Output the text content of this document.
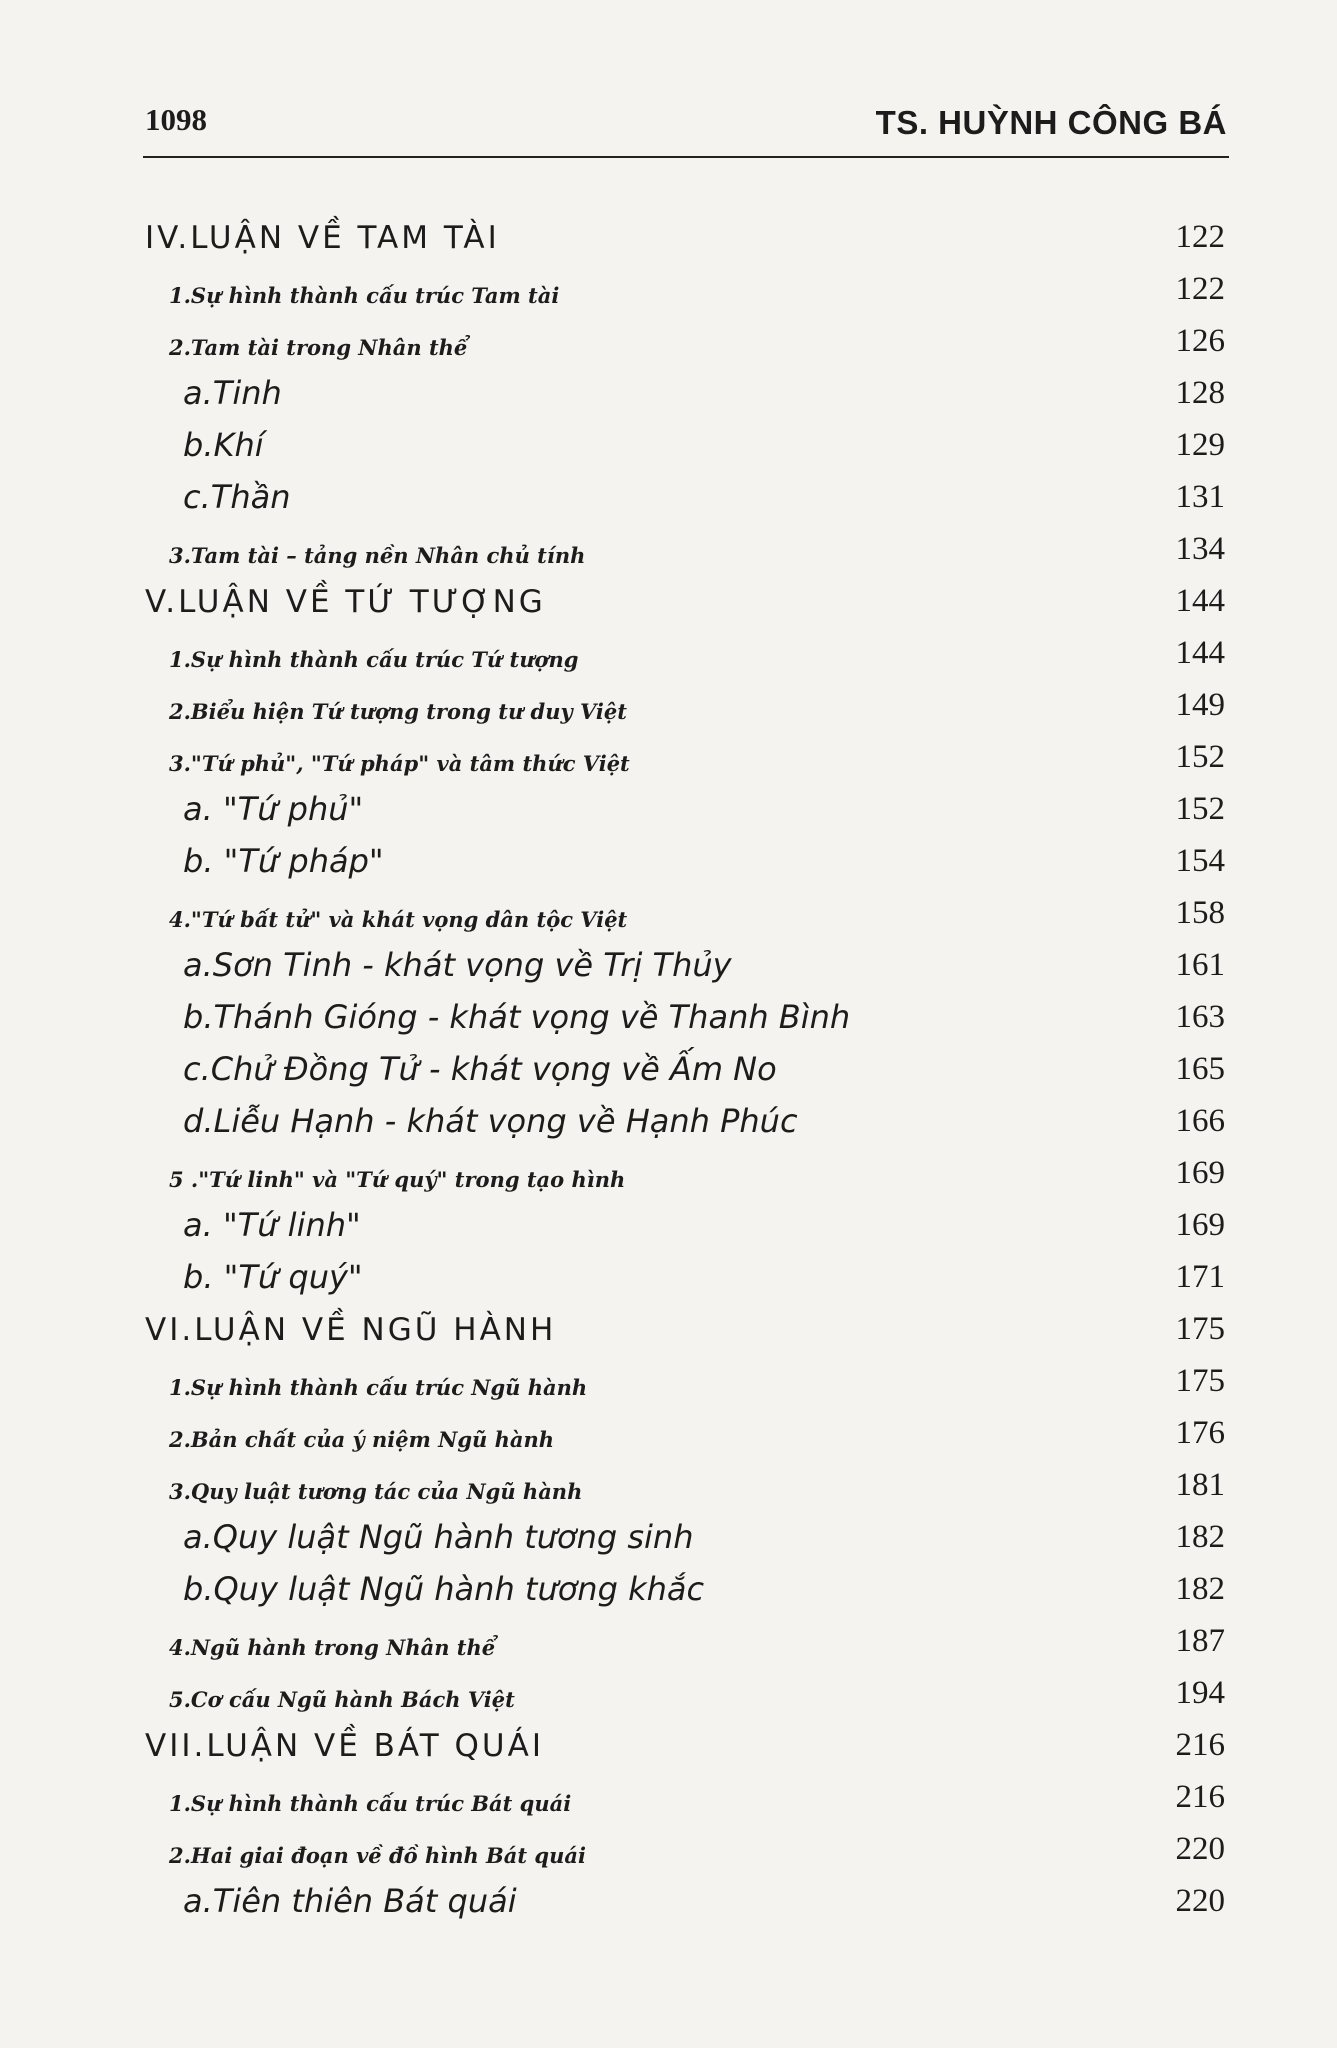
1098	TS. HUỲNH CÔNG BÁ
IV.LUẬN VỀ TAM TÀI	122
1.Sự hình thành cấu trúc Tam tài	122
2.Tam tài trong Nhân thể	126
a.Tinh	128
b.Khí	129
c.Thần	131
3.Tam tài – tảng nền Nhân chủ tính	134
V.LUẬN VỀ TỨ TƯỢNG	144
1.Sự hình thành cấu trúc Tứ tượng	144
2.Biểu hiện Tứ tượng trong tư duy Việt	149
3."Tứ phủ", "Tứ pháp" và tâm thức Việt	152
a. "Tứ phủ"	152
b. "Tứ pháp"	154
4."Tứ bất tử" và khát vọng dân tộc Việt	158
a.Sơn Tinh - khát vọng về Trị Thủy	161
b.Thánh Gióng - khát vọng về Thanh Bình	163
c.Chử Đồng Tử - khát vọng về Ấm No	165
d.Liễu Hạnh - khát vọng về Hạnh Phúc	166
5 ."Tứ linh" và "Tứ quý" trong tạo hình	169
a. "Tứ linh"	169
b. "Tứ quý"	171
VI.LUẬN VỀ NGŨ HÀNH	175
1.Sự hình thành cấu trúc Ngũ hành	175
2.Bản chất của ý niệm Ngũ hành	176
3.Quy luật tương tác của Ngũ hành	181
a.Quy luật Ngũ hành tương sinh	182
b.Quy luật Ngũ hành tương khắc	182
4.Ngũ hành trong Nhân thể	187
5.Cơ cấu Ngũ hành Bách Việt	194
VII.LUẬN VỀ BÁT QUÁI	216
1.Sự hình thành cấu trúc Bát quái	216
2.Hai giai đoạn về đồ hình Bát quái	220
a.Tiên thiên Bát quái	220
